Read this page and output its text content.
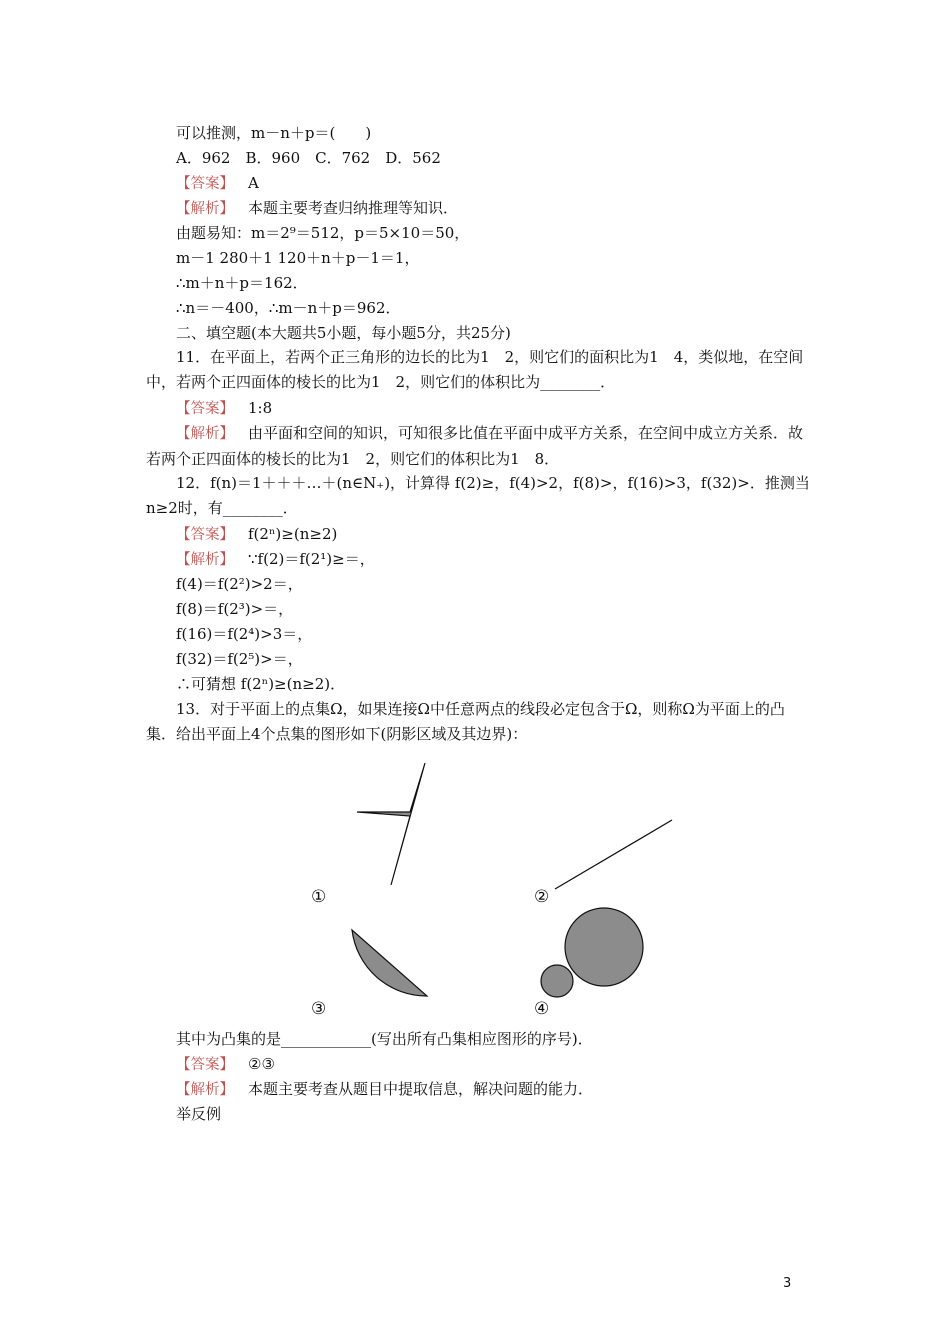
可以推测，m－n＋p＝(　　)
A．962　B．960　C．762　D．562
【答案】 A
【解析】 本题主要考查归纳推理等知识．
由题易知：m＝2⁹＝512，p＝5×10＝50，
m－1 280＋1 120＋n＋p－1＝1，
∴m＋n＋p＝162．
∴n＝－400，∴m－n＋p＝962．
二、填空题(本大题共5小题，每小题5分，共25分)
11．在平面上，若两个正三角形的边长的比为1　2，则它们的面积比为1　4，类似地，在空间中，若两个正四面体的棱长的比为1　2，则它们的体积比为________．
【答案】 1:8
【解析】 由平面和空间的知识，可知很多比值在平面中成平方关系，在空间中成立方关系．故若两个正四面体的棱长的比为1　2，则它们的体积比为1　8．
12．f(n)＝1＋＋＋…＋(n∈N₊)，计算得 f(2)≥，f(4)>2，f(8)>，f(16)>3，f(32)>．推测当n≥2时，有________．
【答案】 f(2ⁿ)≥(n≥2)
【解析】 ∵f(2)＝f(2¹)≥＝，
f(4)＝f(2²)>2＝，
f(8)＝f(2³)>＝，
f(16)＝f(2⁴)>3＝，
f(32)＝f(2⁵)>＝，
∴可猜想 f(2ⁿ)≥(n≥2)．
13．对于平面上的点集Ω，如果连接Ω中任意两点的线段必定包含于Ω，则称Ω为平面上的凸集．给出平面上4个点集的图形如下(阴影区域及其边界)：
①	②
③	④
其中为凸集的是____________(写出所有凸集相应图形的序号)．
【答案】 ②③
【解析】 本题主要考查从题目中提取信息，解决问题的能力．
举反例
3
